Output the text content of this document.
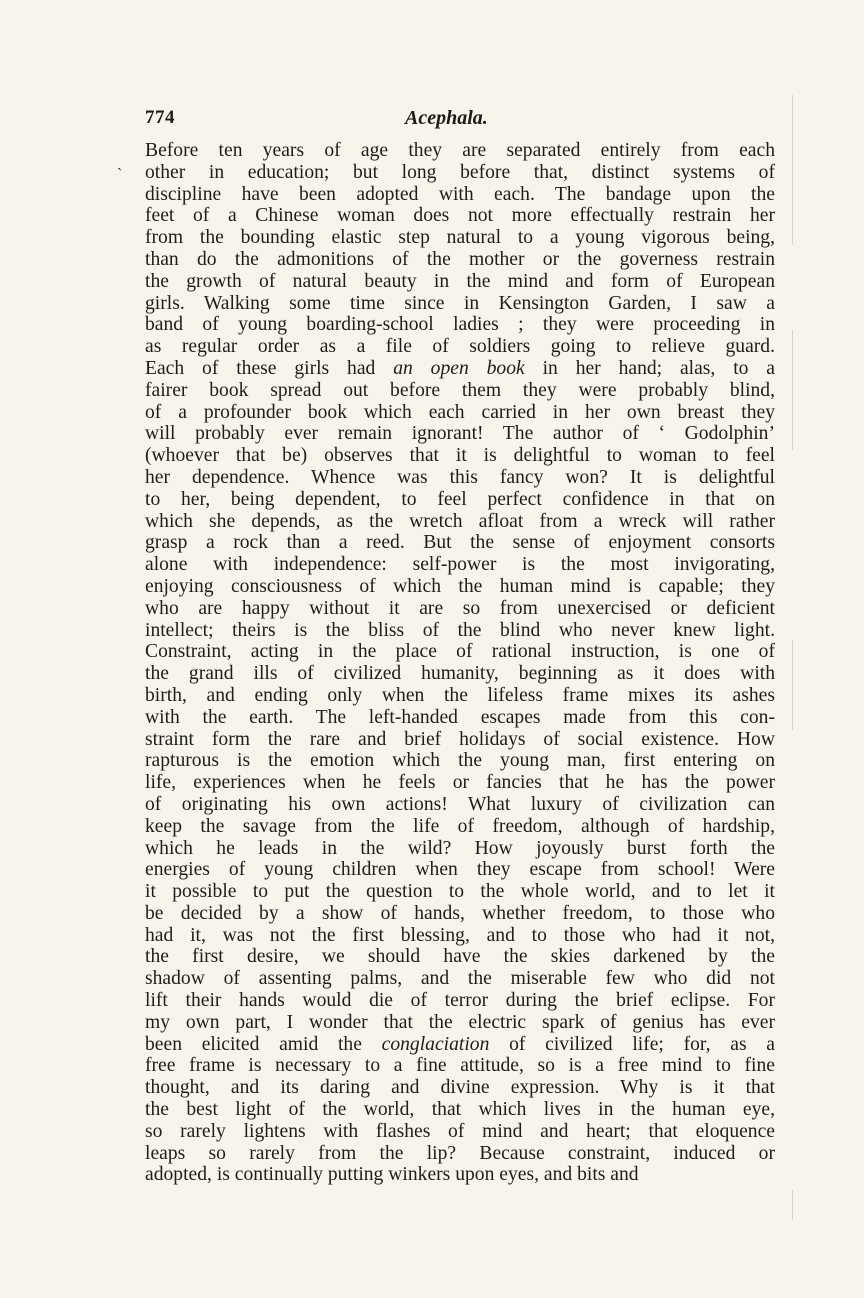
774	Acephala.
`
Before ten years of age they are separated entirely from each
other in education; but long before that, distinct systems of
discipline have been adopted with each. The bandage upon the
feet of a Chinese woman does not more effectually restrain her
from the bounding elastic step natural to a young vigorous being,
than do the admonitions of the mother or the governess restrain
the growth of natural beauty in the mind and form of European
girls. Walking some time since in Kensington Garden, I saw a
band of young boarding-school ladies ; they were proceeding in
as regular order as a file of soldiers going to relieve guard.
Each of these girls had an open book in her hand; alas, to a
fairer book spread out before them they were probably blind,
of a profounder book which each carried in her own breast they
will probably ever remain ignorant! The author of ‘ Godolphin’
(whoever that be) observes that it is delightful to woman to feel
her dependence. Whence was this fancy won? It is delightful
to her, being dependent, to feel perfect confidence in that on
which she depends, as the wretch afloat from a wreck will rather
grasp a rock than a reed. But the sense of enjoyment consorts
alone with independence: self-power is the most invigorating,
enjoying consciousness of which the human mind is capable; they
who are happy without it are so from unexercised or deficient
intellect; theirs is the bliss of the blind who never knew light.
Constraint, acting in the place of rational instruction, is one of
the grand ills of civilized humanity, beginning as it does with
birth, and ending only when the lifeless frame mixes its ashes
with the earth. The left-handed escapes made from this con-
straint form the rare and brief holidays of social existence. How
rapturous is the emotion which the young man, first entering on
life, experiences when he feels or fancies that he has the power
of originating his own actions! What luxury of civilization can
keep the savage from the life of freedom, although of hardship,
which he leads in the wild? How joyously burst forth the
energies of young children when they escape from school! Were
it possible to put the question to the whole world, and to let it
be decided by a show of hands, whether freedom, to those who
had it, was not the first blessing, and to those who had it not,
the first desire, we should have the skies darkened by the
shadow of assenting palms, and the miserable few who did not
lift their hands would die of terror during the brief eclipse. For
my own part, I wonder that the electric spark of genius has ever
been elicited amid the conglaciation of civilized life; for, as a
free frame is necessary to a fine attitude, so is a free mind to fine
thought, and its daring and divine expression. Why is it that
the best light of the world, that which lives in the human eye,
so rarely lightens with flashes of mind and heart; that eloquence
leaps so rarely from the lip? Because constraint, induced or
adopted, is continually putting winkers upon eyes, and bits and
